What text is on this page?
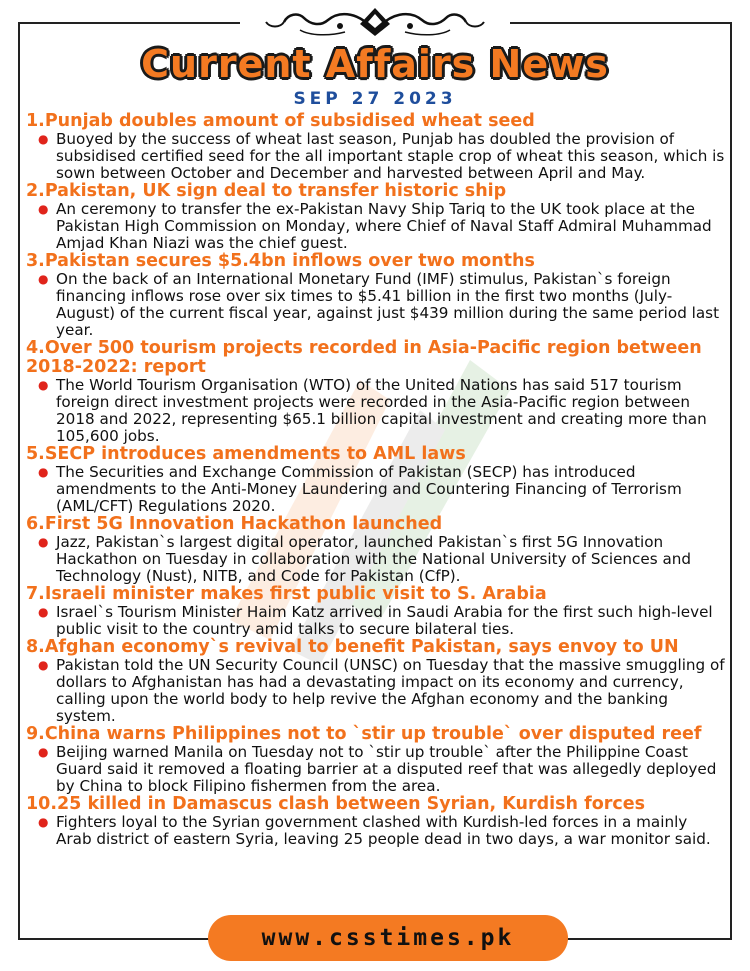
Current Affairs News
SEP 27 2023
1.Punjab doubles amount of subsidised wheat seed
● Buoyed by the success of wheat last season, Punjab has doubled the provision of subsidised certified seed for the all important staple crop of wheat this season, which is sown between October and December and harvested between April and May.
2.Pakistan, UK sign deal to transfer historic ship
● An ceremony to transfer the ex-Pakistan Navy Ship Tariq to the UK took place at the Pakistan High Commission on Monday, where Chief of Naval Staff Admiral Muhammad Amjad Khan Niazi was the chief guest.
3.Pakistan secures $5.4bn inflows over two months
● On the back of an International Monetary Fund (IMF) stimulus, Pakistan`s foreign financing inflows rose over six times to $5.41 billion in the first two months (July-August) of the current fiscal year, against just $439 million during the same period last year.
4.Over 500 tourism projects recorded in Asia-Pacific region between 2018-2022: report
● The World Tourism Organisation (WTO) of the United Nations has said 517 tourism foreign direct investment projects were recorded in the Asia-Pacific region between 2018 and 2022, representing $65.1 billion capital investment and creating more than 105,600 jobs.
5.SECP introduces amendments to AML laws
● The Securities and Exchange Commission of Pakistan (SECP) has introduced amendments to the Anti-Money Laundering and Countering Financing of Terrorism (AML/CFT) Regulations 2020.
6.First 5G Innovation Hackathon launched
● Jazz, Pakistan`s largest digital operator, launched Pakistan`s first 5G Innovation Hackathon on Tuesday in collaboration with the National University of Sciences and Technology (Nust), NITB, and Code for Pakistan (CfP).
7.Israeli minister makes first public visit to S. Arabia
● Israel`s Tourism Minister Haim Katz arrived in Saudi Arabia for the first such high-level public visit to the country amid talks to secure bilateral ties.
8.Afghan economy`s revival to benefit Pakistan, says envoy to UN
● Pakistan told the UN Security Council (UNSC) on Tuesday that the massive smuggling of dollars to Afghanistan has had a devastating impact on its economy and currency, calling upon the world body to help revive the Afghan economy and the banking system.
9.China warns Philippines not to `stir up trouble` over disputed reef
● Beijing warned Manila on Tuesday not to `stir up trouble` after the Philippine Coast Guard said it removed a floating barrier at a disputed reef that was allegedly deployed by China to block Filipino fishermen from the area.
10.25 killed in Damascus clash between Syrian, Kurdish forces
● Fighters loyal to the Syrian government clashed with Kurdish-led forces in a mainly Arab district of eastern Syria, leaving 25 people dead in two days, a war monitor said.
www.csstimes.pk
